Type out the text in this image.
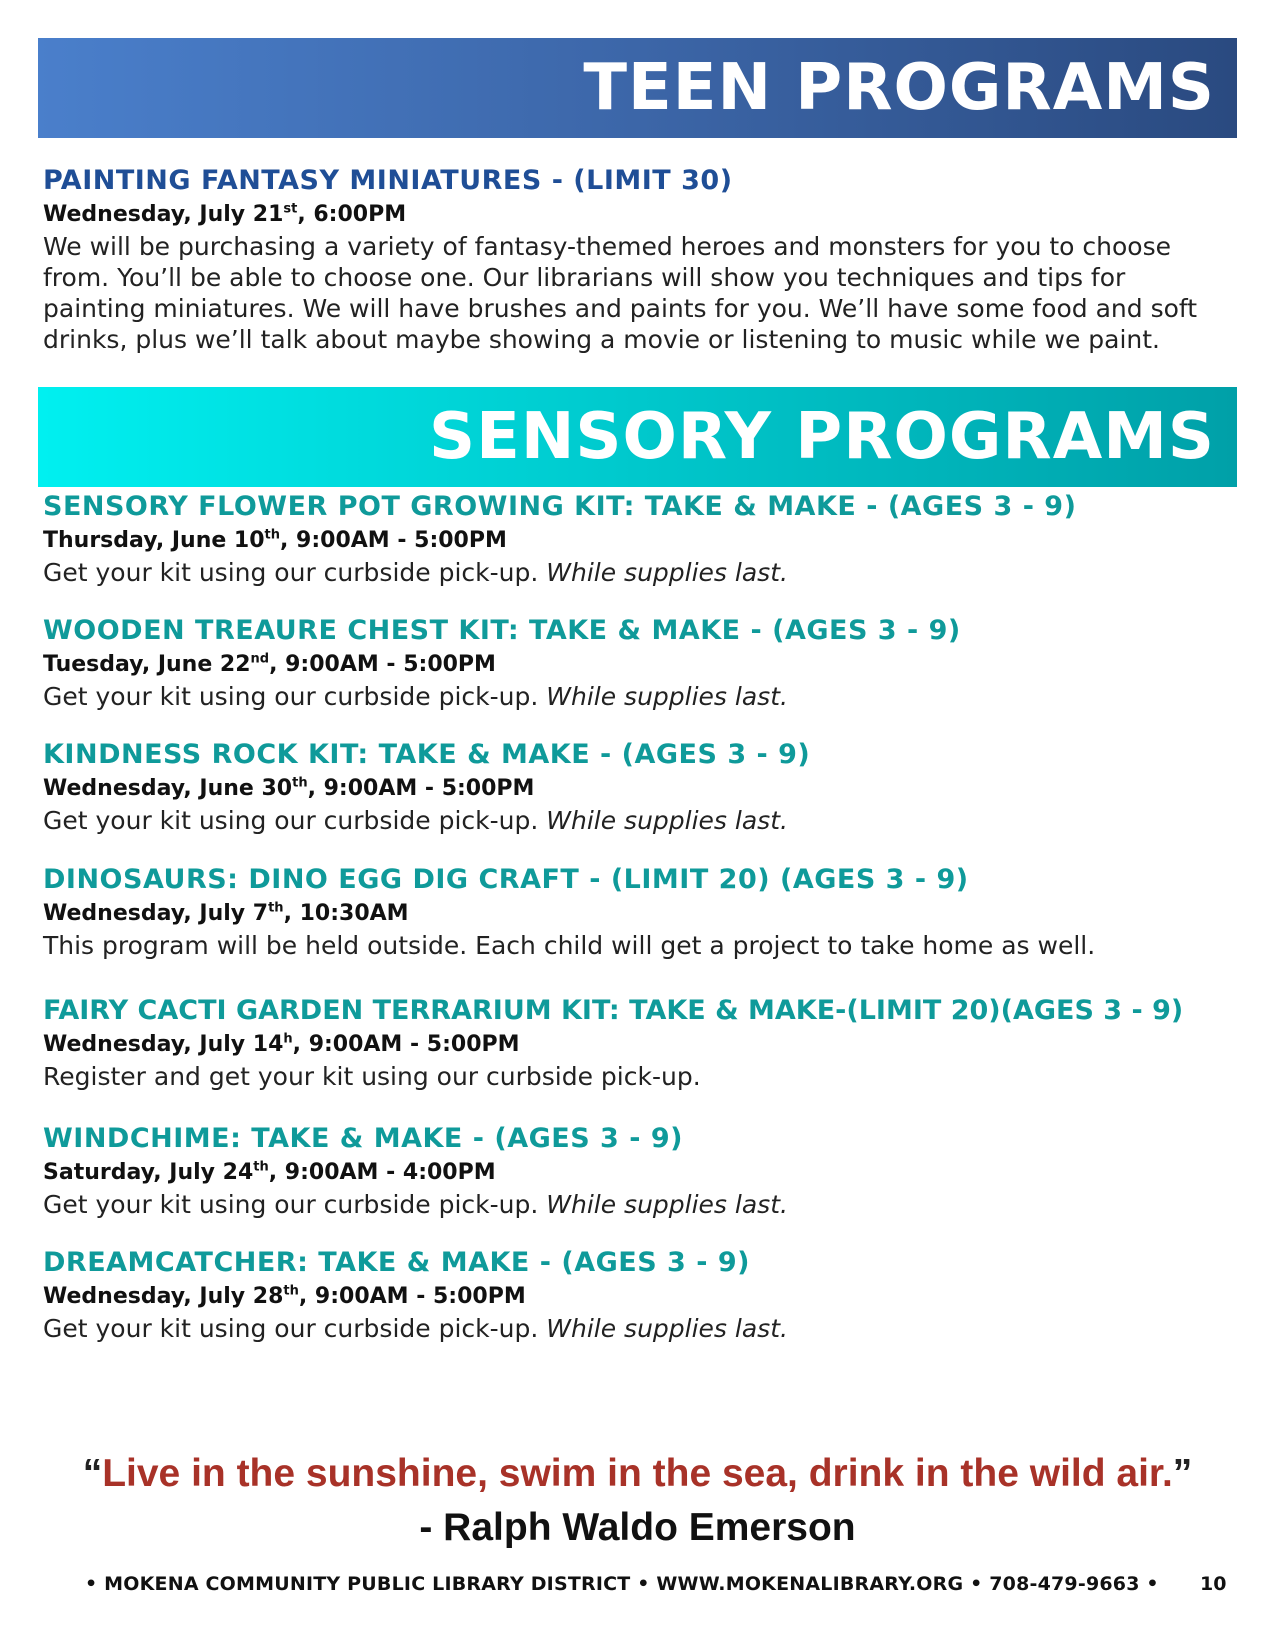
TEEN PROGRAMS
PAINTING FANTASY MINIATURES - (LIMIT 30)

Wednesday, July 21st, 6:00PM

We will be purchasing a variety of fantasy-themed heroes and monsters for you to choose from. You’ll be able to choose one. Our librarians will show you techniques and tips for painting miniatures. We will have brushes and paints for you. We’ll have some food and soft drinks, plus we’ll talk about maybe showing a movie or listening to music while we paint.

SENSORY PROGRAMS
SENSORY FLOWER POT GROWING KIT: TAKE & MAKE - (AGES 3 - 9)

Thursday, June 10th, 9:00AM - 5:00PM

Get your kit using our curbside pick-up. While supplies last.

WOODEN TREAURE CHEST KIT: TAKE & MAKE - (AGES 3 - 9)

Tuesday, June 22nd, 9:00AM - 5:00PM

Get your kit using our curbside pick-up. While supplies last.

KINDNESS ROCK KIT: TAKE & MAKE - (AGES 3 - 9)

Wednesday, June 30th, 9:00AM - 5:00PM

Get your kit using our curbside pick-up. While supplies last.

DINOSAURS: DINO EGG DIG CRAFT - (LIMIT 20) (AGES 3 - 9)

Wednesday, July 7th, 10:30AM

This program will be held outside. Each child will get a project to take home as well.

FAIRY CACTI GARDEN TERRARIUM KIT: TAKE & MAKE-(LIMIT 20)(AGES 3 - 9)

Wednesday, July 14$^h$, 9:00AM - 5:00PM

Register and get your kit using our curbside pick-up.

WINDCHIME: TAKE & MAKE - (AGES 3 - 9)

Saturday, July 24th, 9:00AM - 4:00PM

Get your kit using our curbside pick-up. While supplies last.

DREAMCATCHER: TAKE & MAKE - (AGES 3 - 9)

Wednesday, July 28th, 9:00AM - 5:00PM

Get your kit using our curbside pick-up. While supplies last.

“Live in the sunshine, swim in the sea, drink in the wild air.”
- Ralph Waldo Emerson
• MOKENA COMMUNITY PUBLIC LIBRARY DISTRICT • WWW.MOKENALIBRARY.ORG • 708-479-9663 • 10
